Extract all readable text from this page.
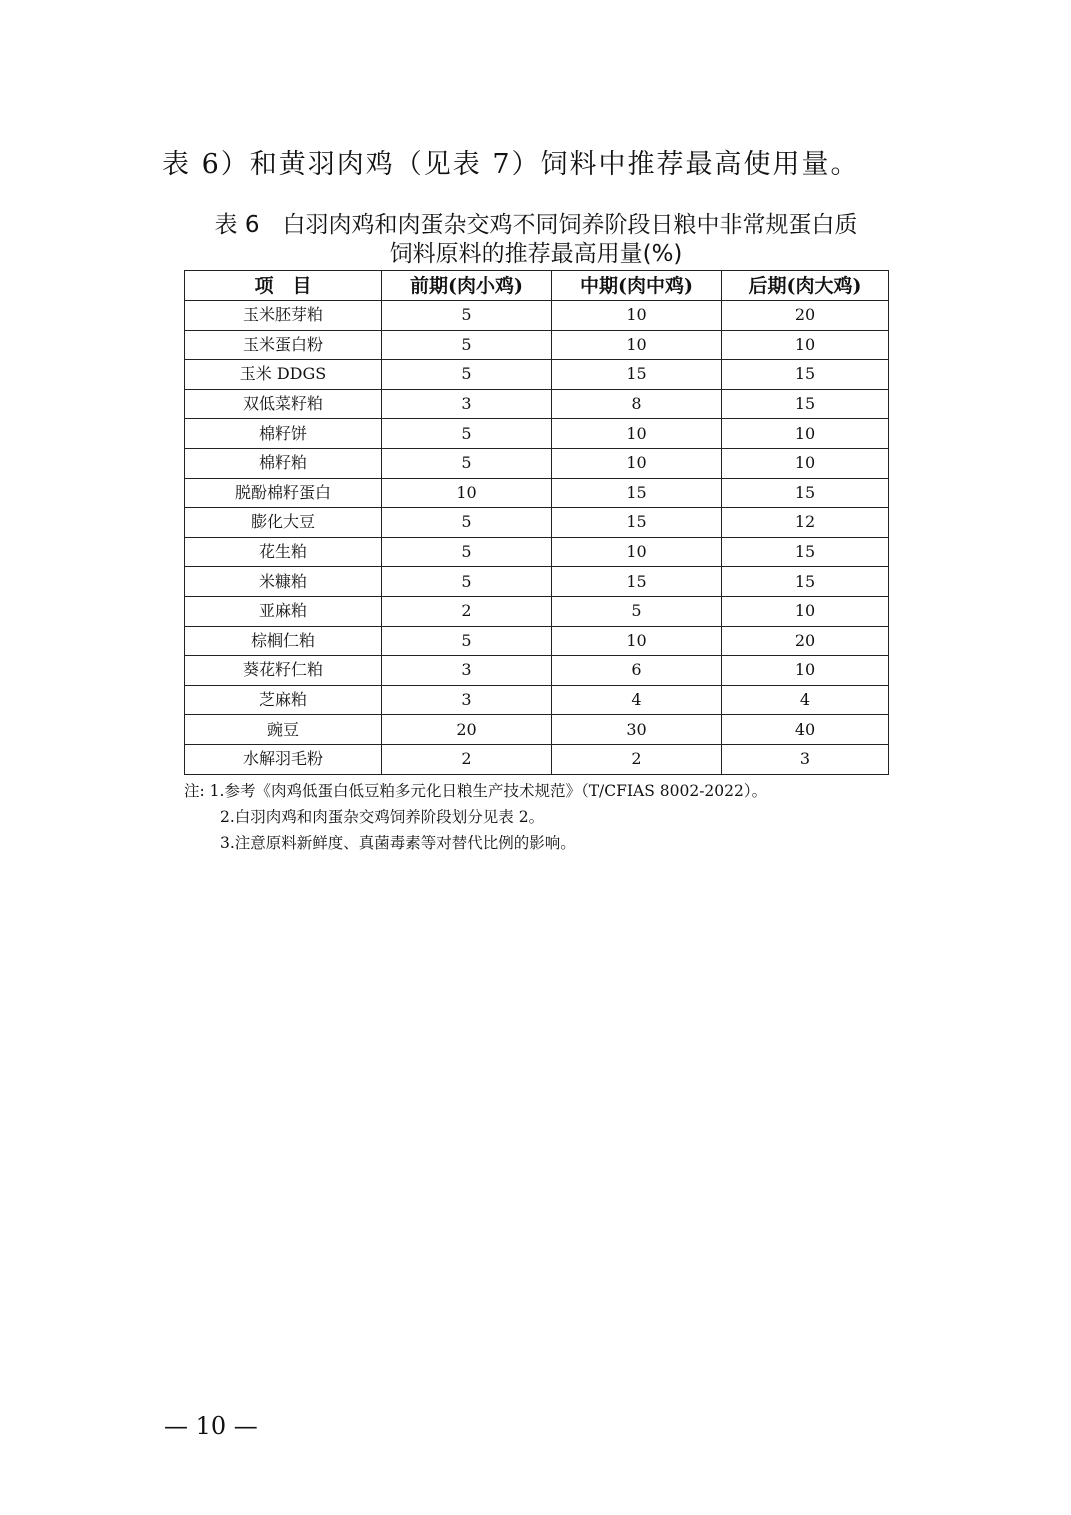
表 6）和黄羽肉鸡（见表 7）饲料中推荐最高使用量。
表 6　白羽肉鸡和肉蛋杂交鸡不同饲养阶段日粮中非常规蛋白质
饲料原料的推荐最高用量(%)
项　目	前期(肉小鸡)	中期(肉中鸡)	后期(肉大鸡)
玉米胚芽粕	5	10	20
玉米蛋白粉	5	10	10
玉米 DDGS	5	15	15
双低菜籽粕	3	8	15
棉籽饼	5	10	10
棉籽粕	5	10	10
脱酚棉籽蛋白	10	15	15
膨化大豆	5	15	12
花生粕	5	10	15
米糠粕	5	15	15
亚麻粕	2	5	10
棕榈仁粕	5	10	20
葵花籽仁粕	3	6	10
芝麻粕	3	4	4
豌豆	20	30	40
水解羽毛粉	2	2	3
注: 1.参考《肉鸡低蛋白低豆粕多元化日粮生产技术规范》（T/CFIAS 8002-2022）。
2.白羽肉鸡和肉蛋杂交鸡饲养阶段划分见表 2。
3.注意原料新鲜度、真菌毒素等对替代比例的影响。
— 10 —
